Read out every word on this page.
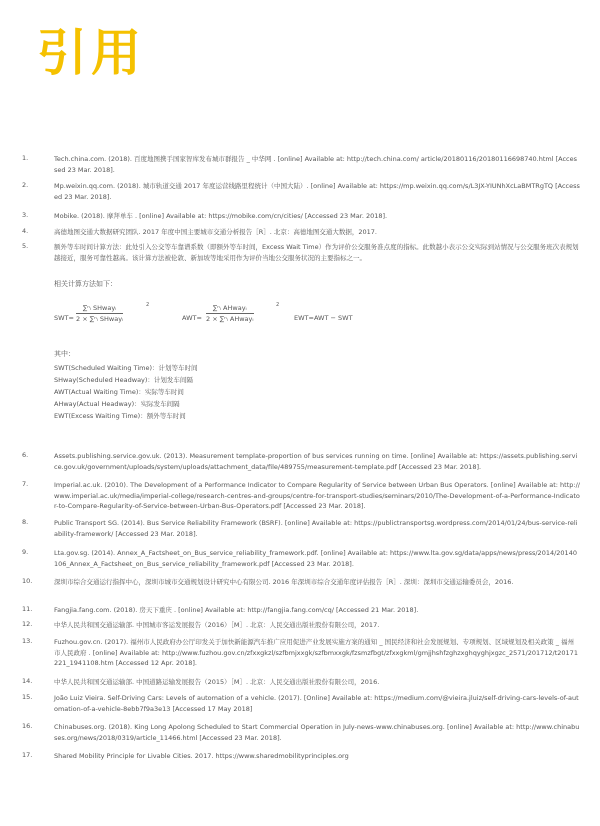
引用
1.	Tech.china.com. (2018). 百度地图携手国家智库发布城市群报告 _ 中华网 . [online] Available at: http://tech.china.com/ article/20180116/20180116698740.html [Accessed 23 Mar. 2018].
2.	Mp.weixin.qq.com. (2018). 城市轨道交通 2017 年度运营线路里程统计（中国大陆）. [online] Available at: https://mp.weixin.qq.com/s/L3JX-YIUNhXcLaBMTRgTQ [Accessed 23 Mar. 2018].
3.	Mobike. (2018). 摩拜单车 . [online] Available at: https://mobike.com/cn/cities/ [Accessed 23 Mar. 2018].
4.	高德地图交通大数据研究团队. 2017 年度中国主要城市交通分析报告［R］. 北京：高德地图交通大数据，2017.
5.	额外等车时间计算方法：此处引入公交等车靠谱系数（即额外等车时间，Excess Wait Time）作为评价公交服务准点度的指标。此数越小表示公交实际到站情况与公交服务班次表规划越接近，服务可靠性越高。该计算方法被伦敦、新加坡等地采用作为评价当地公交服务状况的主要指标之一。
相关计算方法如下：
SWT=
∑ⁿᵢ SHwayᵢ
2 × ∑ⁿᵢ SHwayᵢ
2
AWT=
∑ⁿᵢ AHwayᵢ
2 × ∑ⁿᵢ AHwayᵢ
2
EWT=AWT − SWT
其中：
SWT(Scheduled Waiting Time)：计划等车时间
SHway(Scheduled Headway)：计划发车间隔
AWT(Actual Waiting Time)：实际等车时间
AHway(Actual Headway)：实际发车间隔
EWT(Excess Waiting Time)：额外等车时间
6.	Assets.publishing.service.gov.uk. (2013). Measurement template-proportion of bus services running on time. [online] Available at: https://assets.publishing.service.gov.uk/government/uploads/system/uploads/attachment_data/file/489755/measurement-template.pdf [Accessed 23 Mar. 2018].
7.	Imperial.ac.uk. (2010). The Development of a Performance Indicator to Compare Regularity of Service between Urban Bus Operators. [online] Available at: http://www.imperial.ac.uk/media/imperial-college/research-centres-and-groups/centre-for-transport-studies/seminars/2010/The-Development-of-a-Performance-Indicator-to-Compare-Regularity-of-Service-between-Urban-Bus-Operators.pdf [Accessed 23 Mar. 2018].
8.	Public Transport SG. (2014). Bus Service Reliability Framework (BSRF). [online] Available at: https://publictransportsg.wordpress.com/2014/01/24/bus-service-reliability-framework/ [Accessed 23 Mar. 2018].
9.	Lta.gov.sg. (2014). Annex_A_Factsheet_on_Bus_service_reliability_framework.pdf. [online] Available at: https://www.lta.gov.sg/data/apps/news/press/2014/20140106_Annex_A_Factsheet_on_Bus_service_reliability_framework.pdf [Accessed 23 Mar. 2018].
10.	深圳市综合交通运行指挥中心，深圳市城市交通规划设计研究中心有限公司. 2016 年深圳市综合交通年度评估报告［R］. 深圳：深圳市交通运输委员会，2016.
11.	Fangjia.fang.com. (2018). 房天下重庆 . [online] Available at: http://fangjia.fang.com/cq/ [Accessed 21 Mar. 2018].
12.	中华人民共和国交通运输部. 中国城市客运发展报告（2016）［M］. 北京：人民交通出版社股份有限公司，2017.
13.	Fuzhou.gov.cn. (2017). 福州市人民政府办公厅印发关于加快新能源汽车推广应用促进产业发展实施方案的通知 _ 国民经济和社会发展规划、专项规划、区域规划及相关政策 _ 福州市人民政府 . [online] Available at: http://www.fuzhou.gov.cn/zfxxgkzl/szfbmjxxgk/szfbmxxgk/fzsmzfbgt/zfxxgkml/gmjjhshfzghzxghqyghjxgzc_2571/201712/t20171221_1941108.htm [Accessed 12 Apr. 2018].
14.	中华人民共和国交通运输部. 中国道路运输发展报告（2015）［M］. 北京：人民交通出版社股份有限公司，2016.
15.	João Luiz Vieira. Self-Driving Cars: Levels of automation of a vehicle. (2017). [Online] Available at: https://medium.com/@vieira.jluiz/self-driving-cars-levels-of-automation-of-a-vehicle-8ebb7f9a3e13 [Accessed 17 May 2018]
16.	Chinabuses.org. (2018). King Long Apolong Scheduled to Start Commercial Operation in July-news-www.chinabuses.org. [online] Available at: http://www.chinabuses.org/news/2018/0319/article_11466.html [Accessed 23 Mar. 2018].
17.	Shared Mobility Principle for Livable Cities. 2017. https://www.sharedmobilityprinciples.org
